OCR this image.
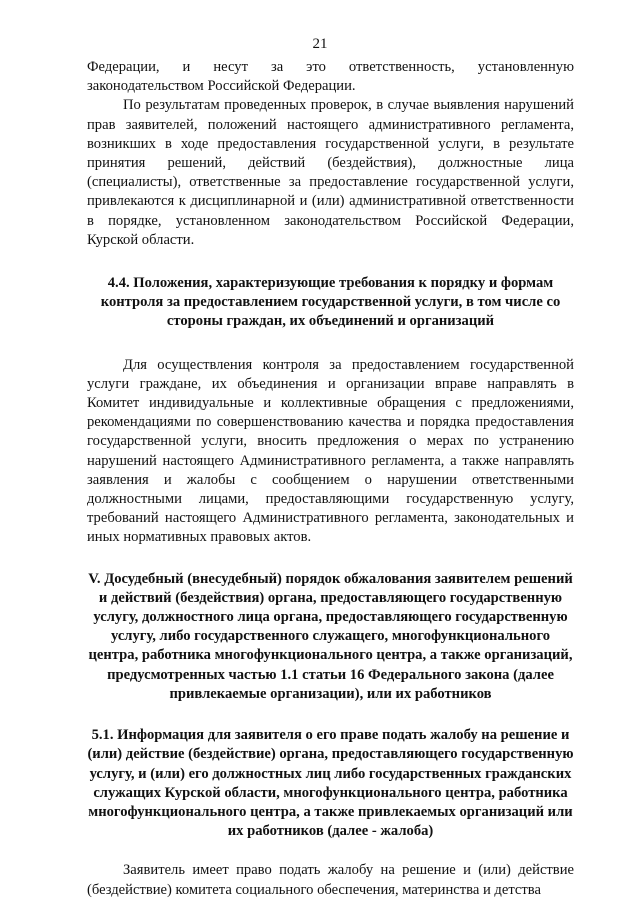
21

Федерации, и несут за это ответственность, установленную законодательством Российской Федерации.

По результатам проведенных проверок, в случае выявления нарушений прав заявителей, положений настоящего административного регламента, возникших в ходе предоставления государственной услуги, в результате принятия решений, действий (бездействия), должностные лица (специалисты), ответственные за предоставление государственной услуги, привлекаются к дисциплинарной и (или) административной ответственности в порядке, установленном законодательством Российской Федерации, Курской области.

4.4. Положения, характеризующие требования к порядку и формам контроля за предоставлением государственной услуги, в том числе со стороны граждан, их объединений и организаций

Для осуществления контроля за предоставлением государственной услуги граждане, их объединения и организации вправе направлять в Комитет индивидуальные и коллективные обращения с предложениями, рекомендациями по совершенствованию качества и порядка предоставления государственной услуги, вносить предложения о мерах по устранению нарушений настоящего Административного регламента, а также направлять заявления и жалобы с сообщением о нарушении ответственными должностными лицами, предоставляющими государственную услугу, требований настоящего Административного регламента, законодательных и иных нормативных правовых актов.

V. Досудебный (внесудебный) порядок обжалования заявителем решений и действий (бездействия) органа, предоставляющего государственную услугу, должностного лица органа, предоставляющего государственную услугу, либо государственного служащего, многофункционального центра, работника многофункционального центра, а также организаций, предусмотренных частью 1.1 статьи 16 Федерального закона (далее привлекаемые организации), или их работников

5.1. Информация для заявителя о его праве подать жалобу на решение и (или) действие (бездействие) органа, предоставляющего государственную услугу, и (или) его должностных лиц либо государственных гражданских служащих Курской области, многофункционального центра, работника многофункционального центра, а также привлекаемых организаций или их работников (далее - жалоба)

Заявитель имеет право подать жалобу на решение и (или) действие (бездействие) комитета социального обеспечения, материнства и детства
